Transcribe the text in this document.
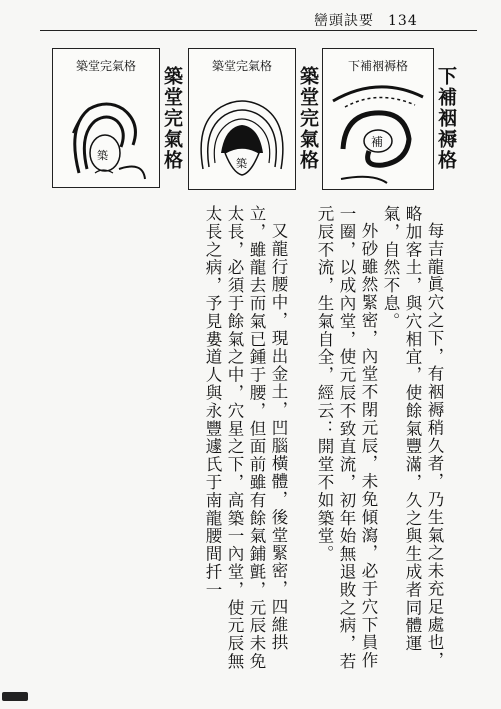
巒頭訣要 134
下補裀褥格
補	下補裀褥格
築堂完氣格
築	築堂完氣格
築堂完氣格
築	築堂完氣格

每吉龍眞穴之下，有裀褥稍久者，乃生氣之未充足處也，略加客土，與穴相宜，使餘氣豐滿，久之與生成者同體運氣，自然不息。

外砂雖然緊密，內堂不閉元辰，未免傾瀉，必于穴下員作一圈，以成內堂，使元辰不致直流，初年始無退敗之病，若元辰不流，生氣自全，經云：開堂不如築堂。

又龍行腰中，現出金土，凹腦橫體，後堂緊密，四維拱立，雖龍去而氣已鍾于腰，但面前雖有餘氣鋪氈，元辰未免太長，必須于餘氣之中，穴星之下，高築一內堂，使元辰無太長之病，予見婁道人與永豐遽氏于南龍腰間扦一
